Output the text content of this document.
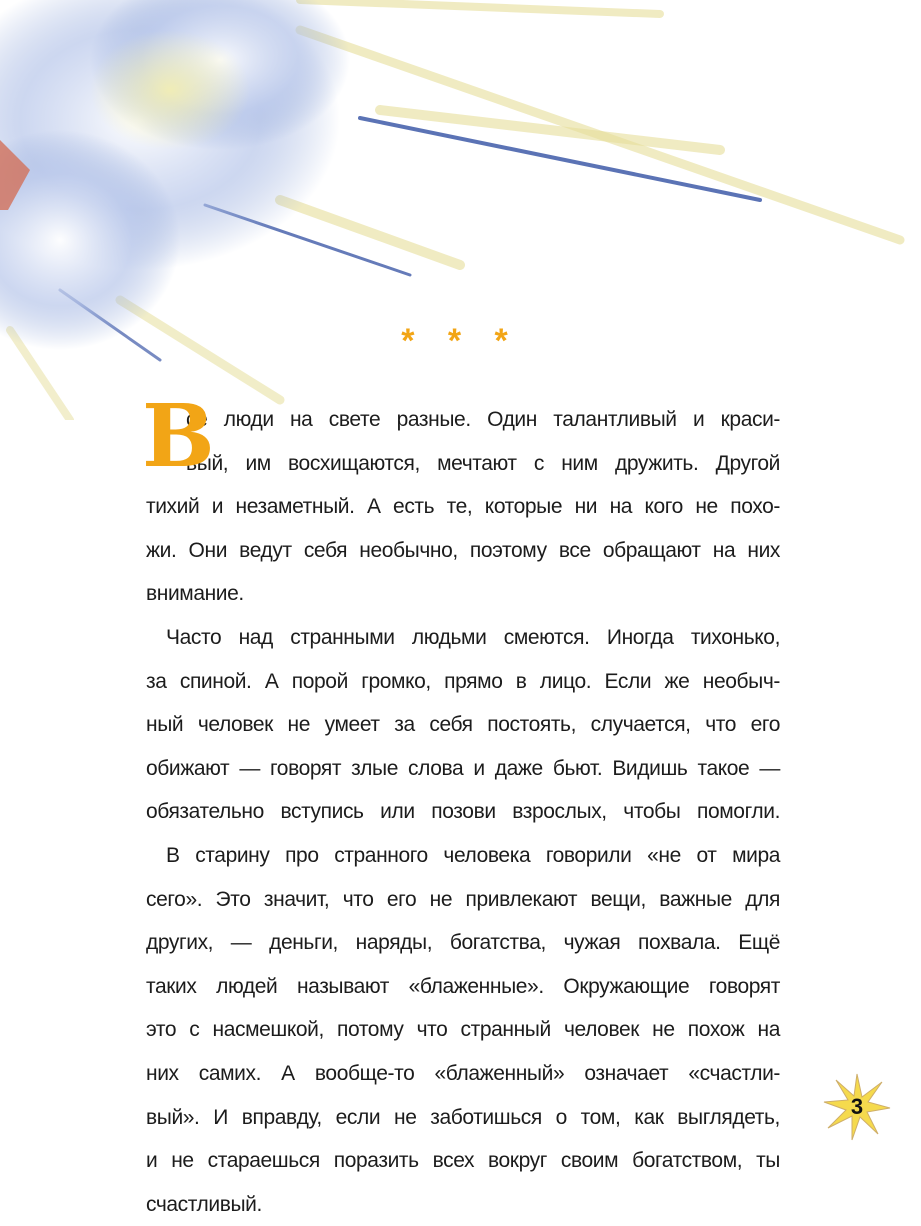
* * *
В
се люди на свете разные. Один талантливый и краси-
вый, им восхищаются, мечтают с ним дружить. Другой
тихий и незаметный. А есть те, которые ни на кого не похо-
жи. Они ведут себя необычно, поэтому все обращают на них
внимание.
Часто над странными людьми смеются. Иногда тихонько,
за спиной. А порой громко, прямо в лицо. Если же необыч-
ный человек не умеет за себя постоять, случается, что его
обижают — говорят злые слова и даже бьют. Видишь такое —
обязательно вступись или позови взрослых, чтобы помогли.
В старину про странного человека говорили «не от мира
сего». Это значит, что его не привлекают вещи, важные для
других, — деньги, наряды, богатства, чужая похвала. Ещё
таких людей называют «блаженные». Окружающие говорят
это с насмешкой, потому что странный человек не похож на
них самих. А вообще-то «блаженный» означает «счастли-
вый». И вправду, если не заботишься о том, как выглядеть,
и не стараешься поразить всех вокруг своим богатством, ты
счастливый.
3
